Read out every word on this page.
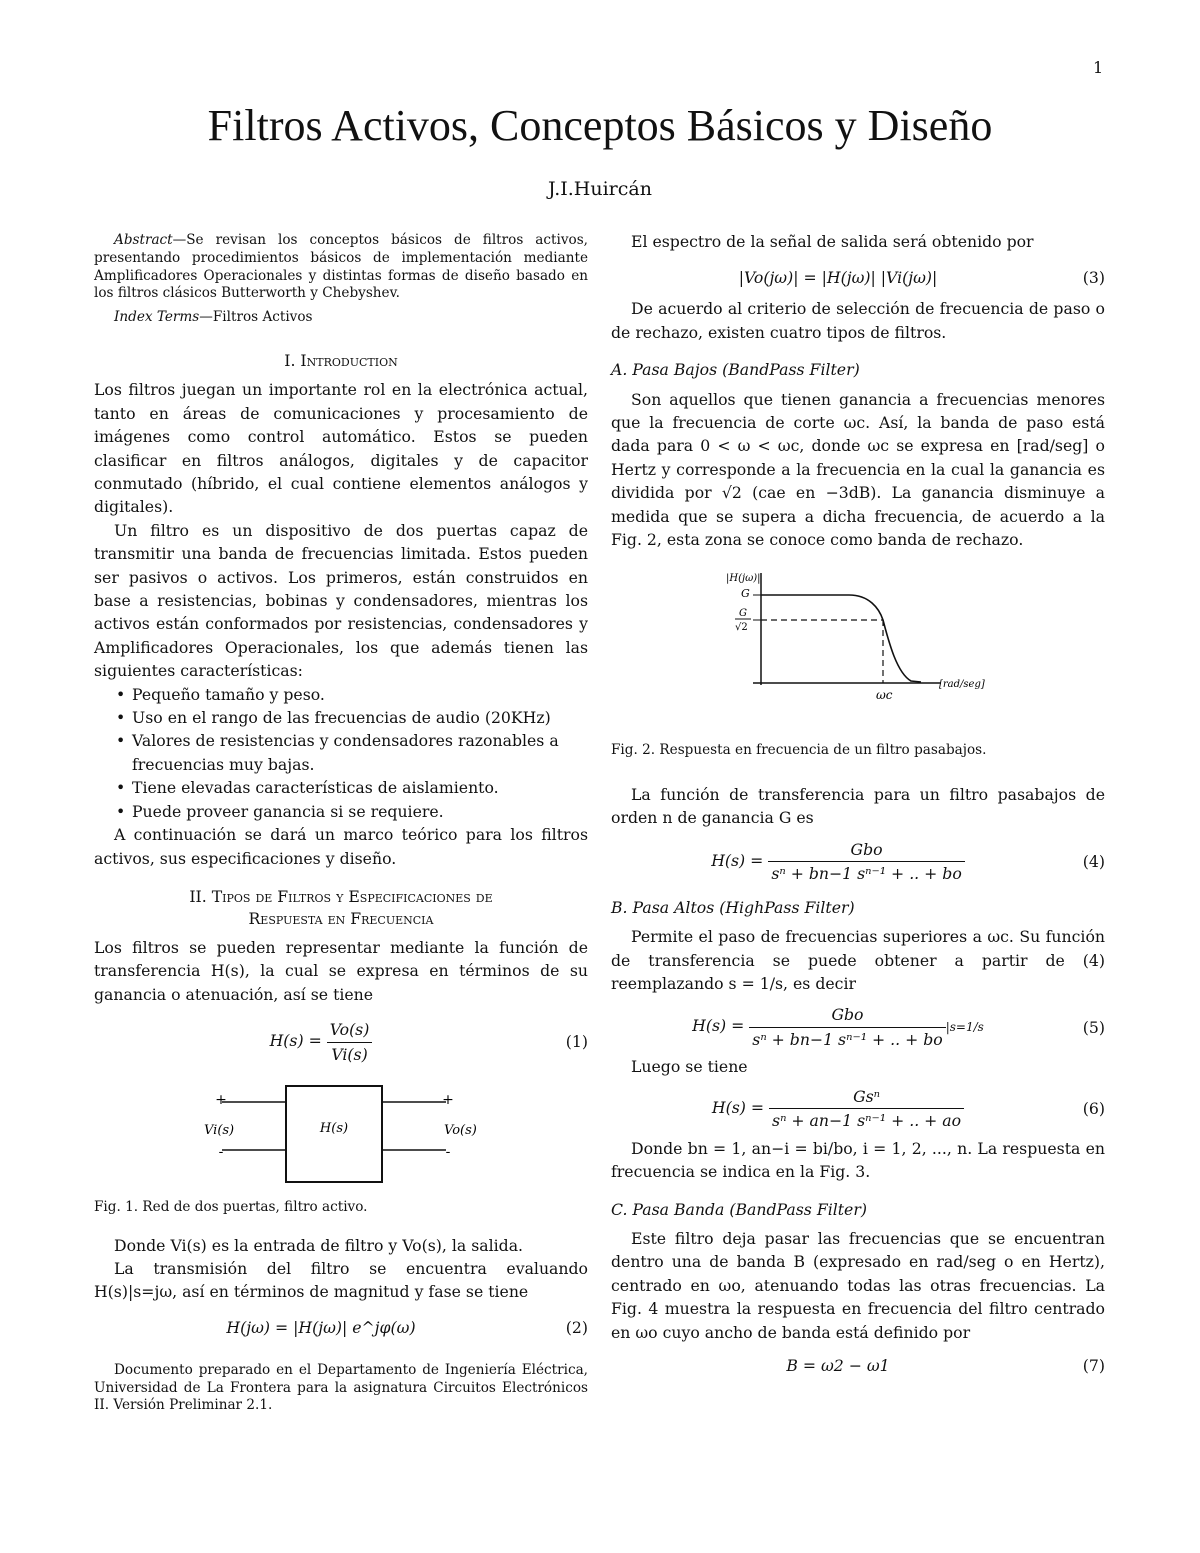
1
Filtros Activos, Conceptos Básicos y Diseño
J.I.Huircán

Abstract—Se revisan los conceptos básicos de filtros activos, presentando procedimientos básicos de implementación mediante Amplificadores Operacionales y distintas formas de diseño basado en los filtros clásicos Butterworth y Chebyshev.

Index Terms—Filtros Activos

I. Introduction

Los filtros juegan un importante rol en la electrónica actual, tanto en áreas de comunicaciones y procesamiento de imágenes como control automático. Estos se pueden clasificar en filtros análogos, digitales y de capacitor conmutado (híbrido, el cual contiene elementos análogos y digitales).

Un filtro es un dispositivo de dos puertas capaz de transmitir una banda de frecuencias limitada. Estos pueden ser pasivos o activos. Los primeros, están construidos en base a resistencias, bobinas y condensadores, mientras los activos están conformados por resistencias, condensadores y Amplificadores Operacionales, los que además tienen las siguientes características:

• Pequeño tamaño y peso.
• Uso en el rango de las frecuencias de audio (20KHz)
• Valores de resistencias y condensadores razonables a frecuencias muy bajas.
• Tiene elevadas características de aislamiento.
• Puede proveer ganancia si se requiere.

A continuación se dará un marco teórico para los filtros activos, sus especificaciones y diseño.

II. Tipos de Filtros y Especificaciones de
Respuesta en Frecuencia

Los filtros se pueden representar mediante la función de transferencia H(s), la cual se expresa en términos de su ganancia o atenuación, así se tiene

$H(s) = \frac{Vo(s)}{Vi(s)}$	(1)
H(s)
+
Vi(s)
-
+
Vo(s)
-
Fig. 1. Red de dos puertas, filtro activo.

Donde Vi(s) es la entrada de filtro y Vo(s), la salida.

La transmisión del filtro se encuentra evaluando H(s)|s=jω, así en términos de magnitud y fase se tiene

H(jω) = |H(jω)| e^jφ(ω)	(2)
Documento preparado en el Departamento de Ingeniería Eléctrica, Universidad de La Frontera para la asignatura Circuitos Electrónicos II. Versión Preliminar 2.1.

El espectro de la señal de salida será obtenido por

|Vo(jω)| = |H(jω)| |Vi(jω)|	(3)

De acuerdo al criterio de selección de frecuencia de paso o de rechazo, existen cuatro tipos de filtros.

A. Pasa Bajos (BandPass Filter)

Son aquellos que tienen ganancia a frecuencias menores que la frecuencia de corte ωc. Así, la banda de paso está dada para 0 < ω < ωc, donde ωc se expresa en [rad/seg] o Hertz y corresponde a la frecuencia en la cual la ganancia es dividida por √2 (cae en −3dB). La ganancia disminuye a medida que se supera a dicha frecuencia, de acuerdo a la Fig. 2, esta zona se conoce como banda de rechazo.

|H(jω)|
G
G
√2
ωc
[rad/seg]
Fig. 2. Respuesta en frecuencia de un filtro pasabajos.

La función de transferencia para un filtro pasabajos de orden n de ganancia G es

$H(s) = \frac{\text{Gbo}}{\text{sⁿ + bn−1 sⁿ⁻¹ + .. + bo}}$	(4)

B. Pasa Altos (HighPass Filter)

Permite el paso de frecuencias superiores a ωc. Su función de transferencia se puede obtener a partir de (4) reemplazando s = 1/s, es decir

$H(s) = \frac{\text{Gbo}}{\text{sⁿ + bn−1 sⁿ⁻¹ + .. + bo}} |s=1/s$	(5)

Luego se tiene

$H(s) = \frac{\text{Gsⁿ}}{\text{sⁿ + an−1 sⁿ⁻¹ + .. + ao}}$	(6)

Donde bn = 1, an−i = bi/bo, i = 1, 2, ..., n. La respuesta en frecuencia se indica en la Fig. 3.

C. Pasa Banda (BandPass Filter)

Este filtro deja pasar las frecuencias que se encuentran dentro una de banda B (expresado en rad/seg o en Hertz), centrado en ωo, atenuando todas las otras frecuencias. La Fig. 4 muestra la respuesta en frecuencia del filtro centrado en ωo cuyo ancho de banda está definido por

B = ω2 − ω1	(7)
